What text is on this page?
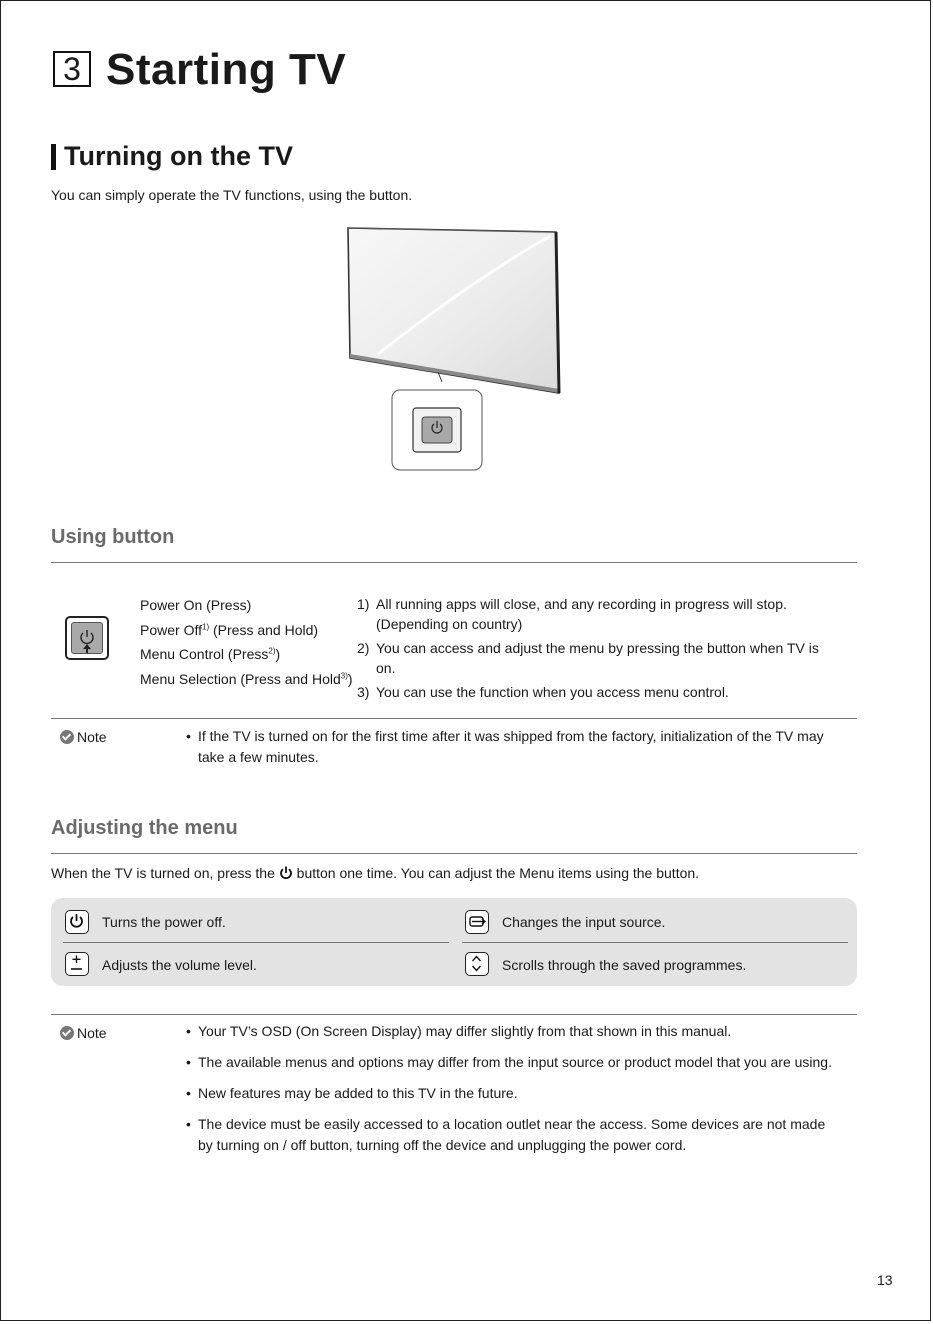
3 Starting TV
Turning on the TV
You can simply operate the TV functions, using the button.
Using button
Power On (Press)
Power Off$^{1)}$ (Press and Hold)
Menu Control (Press$^{2)}$)
Menu Selection (Press and Hold$^{3)}$)
1) All running apps will close, and any recording in progress will stop. (Depending on country)
2) You can access and adjust the menu by pressing the button when TV is on.
3) You can use the function when you access menu control.
Note	• If the TV is turned on for the first time after it was shipped from the factory, initialization of the TV may take a few minutes.
Adjusting the menu
When the TV is turned on, press the button one time. You can adjust the Menu items using the button.
Turns the power off.	Changes the input source.
Adjusts the volume level.	Scrolls through the saved programmes.
Note	• Your TV’s OSD (On Screen Display) may differ slightly from that shown in this manual.
• The available menus and options may differ from the input source or product model that you are using.
• New features may be added to this TV in the future.
• The device must be easily accessed to a location outlet near the access. Some devices are not made by turning on / off button, turning off the device and unplugging the power cord.
13
